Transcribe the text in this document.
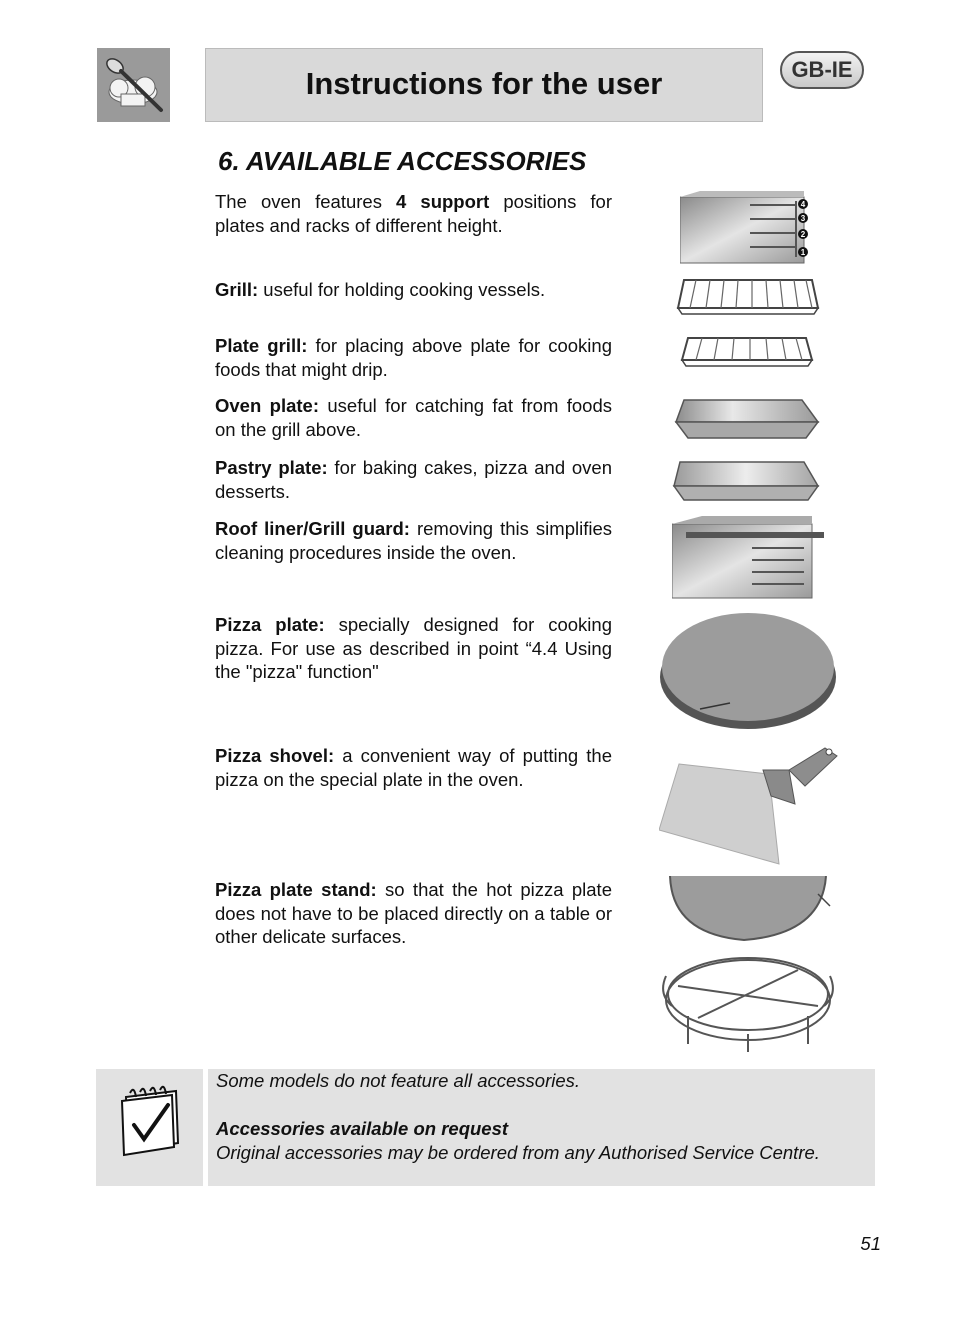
Instructions for the user	GB-IE
6. AVAILABLE ACCESSORIES
The oven features 4 support positions for plates and racks of different height.
Grill: useful for holding cooking vessels.
Plate grill: for placing above plate for cooking foods that might drip.
Oven plate: useful for catching fat from foods on the grill above.
Pastry plate: for baking cakes, pizza and oven desserts.
Roof liner/Grill guard: removing this simplifies cleaning procedures inside the oven.
Pizza plate: specially designed for cooking pizza. For use as described in point “4.4 Using the "pizza" function"
Pizza shovel: a convenient way of putting the pizza on the special plate in the oven.
Pizza plate stand: so that the hot pizza plate does not have to be placed directly on a table or other delicate surfaces.
4
3
2
1
Some models do not feature all accessories.
Accessories available on request
Original accessories may be ordered from any Authorised Service Centre.
51
